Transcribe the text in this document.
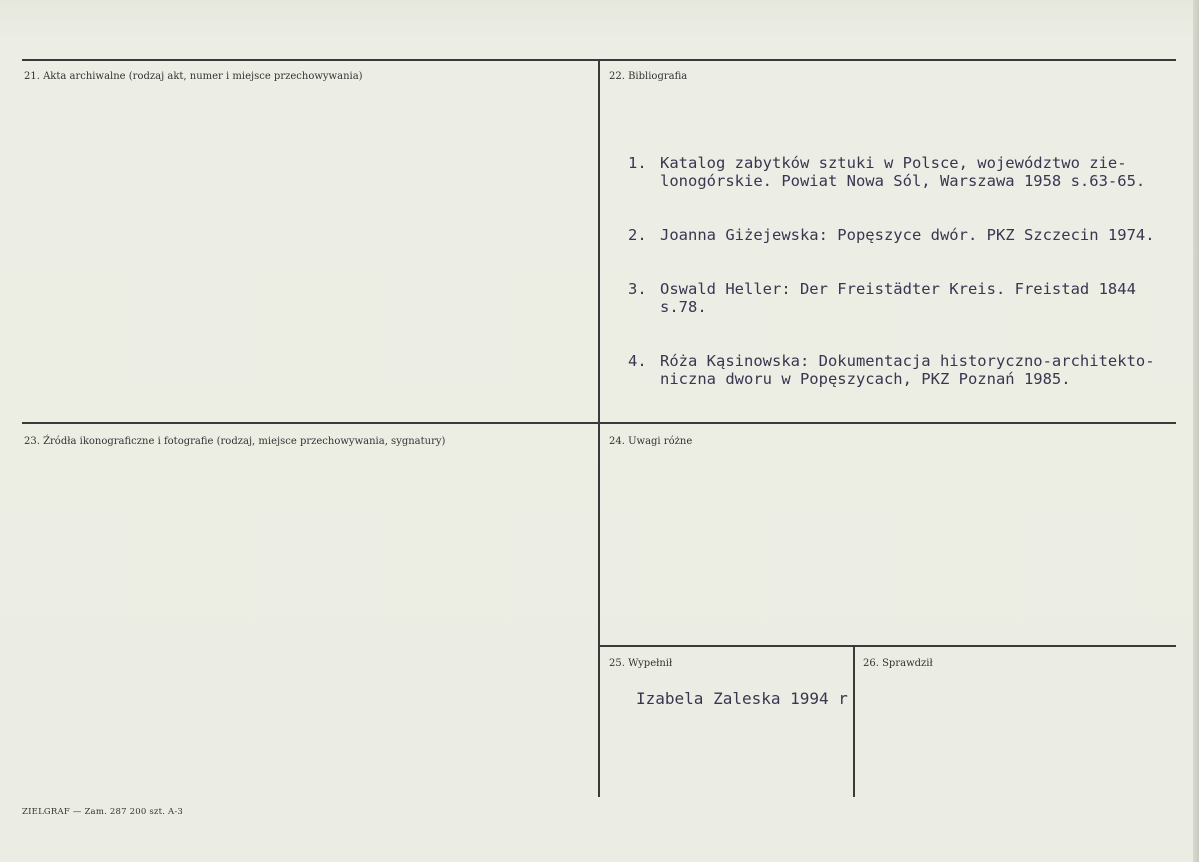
21. Akta archiwalne (rodzaj akt, numer i miejsce przechowywania)	22. Bibliografia
23. Źródła ikonograficzne i fotografie (rodzaj, miejsce przechowywania, sygnatury)	24. Uwagi różne
25. Wypełnił	26. Sprawdził

1. Katalog zabytków sztuki w Polsce, województwo zie-
lonogórskie. Powiat Nowa Sól, Warszawa 1958 s.63-65.

2. Joanna Giżejewska: Popęszyce dwór. PKZ Szczecin 1974.

3. Oswald Heller: Der Freistädter Kreis. Freistad 1844
s.78.

4. Róża Kąsinowska: Dokumentacja historyczno-architekto-
niczna dworu w Popęszycach, PKZ Poznań 1985.

Izabela Zaleska 1994 r
ZIELGRAF — Zam. 287 200 szt. A-3
